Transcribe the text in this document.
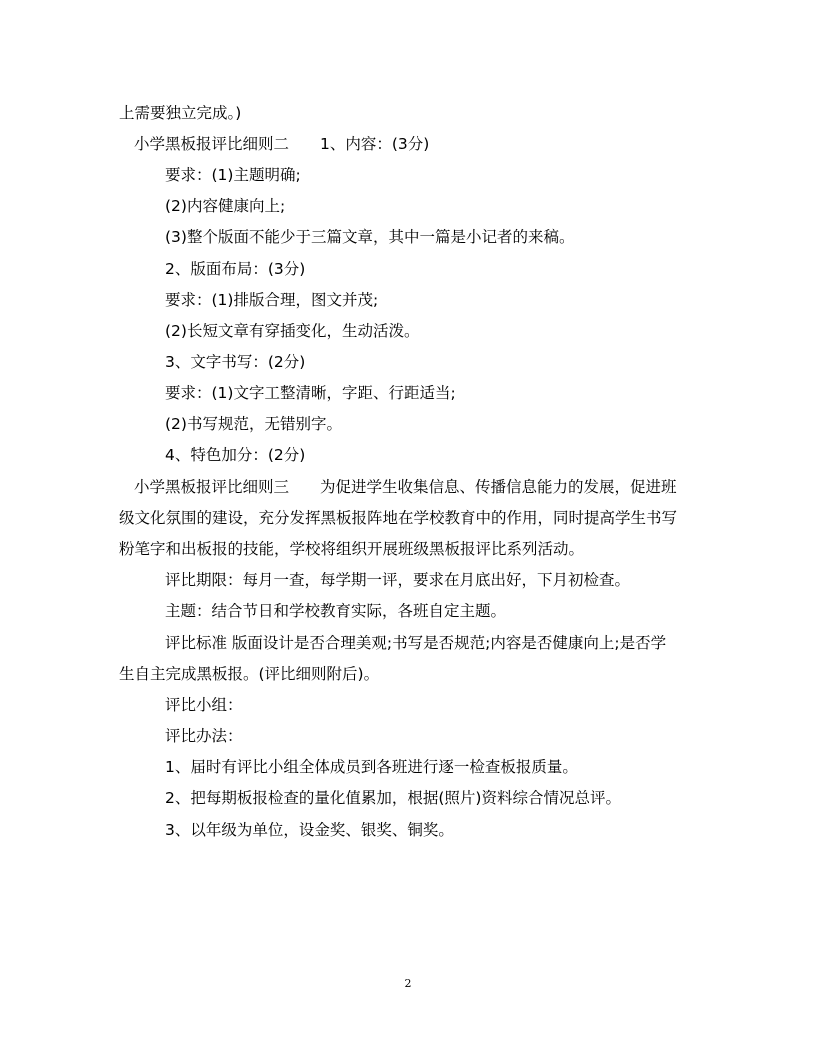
上需要独立完成。)
小学黑板报评比细则二　　1、内容：(3分)
要求：(1)主题明确;
(2)内容健康向上;
(3)整个版面不能少于三篇文章，其中一篇是小记者的来稿。
2、版面布局：(3分)
要求：(1)排版合理，图文并茂;
(2)长短文章有穿插变化，生动活泼。
3、文字书写：(2分)
要求：(1)文字工整清晰，字距、行距适当;
(2)书写规范，无错别字。
4、特色加分：(2分)
小学黑板报评比细则三　　为促进学生收集信息、传播信息能力的发展，促进班
级文化氛围的建设，充分发挥黑板报阵地在学校教育中的作用，同时提高学生书写
粉笔字和出板报的技能，学校将组织开展班级黑板报评比系列活动。
评比期限：每月一查，每学期一评，要求在月底出好，下月初检查。
主题：结合节日和学校教育实际，各班自定主题。
评比标准 版面设计是否合理美观;书写是否规范;内容是否健康向上;是否学
生自主完成黑板报。(评比细则附后)。
评比小组：
评比办法：
1、届时有评比小组全体成员到各班进行逐一检查板报质量。
2、把每期板报检查的量化值累加，根据(照片)资料综合情况总评。
3、以年级为单位，设金奖、银奖、铜奖。
2
